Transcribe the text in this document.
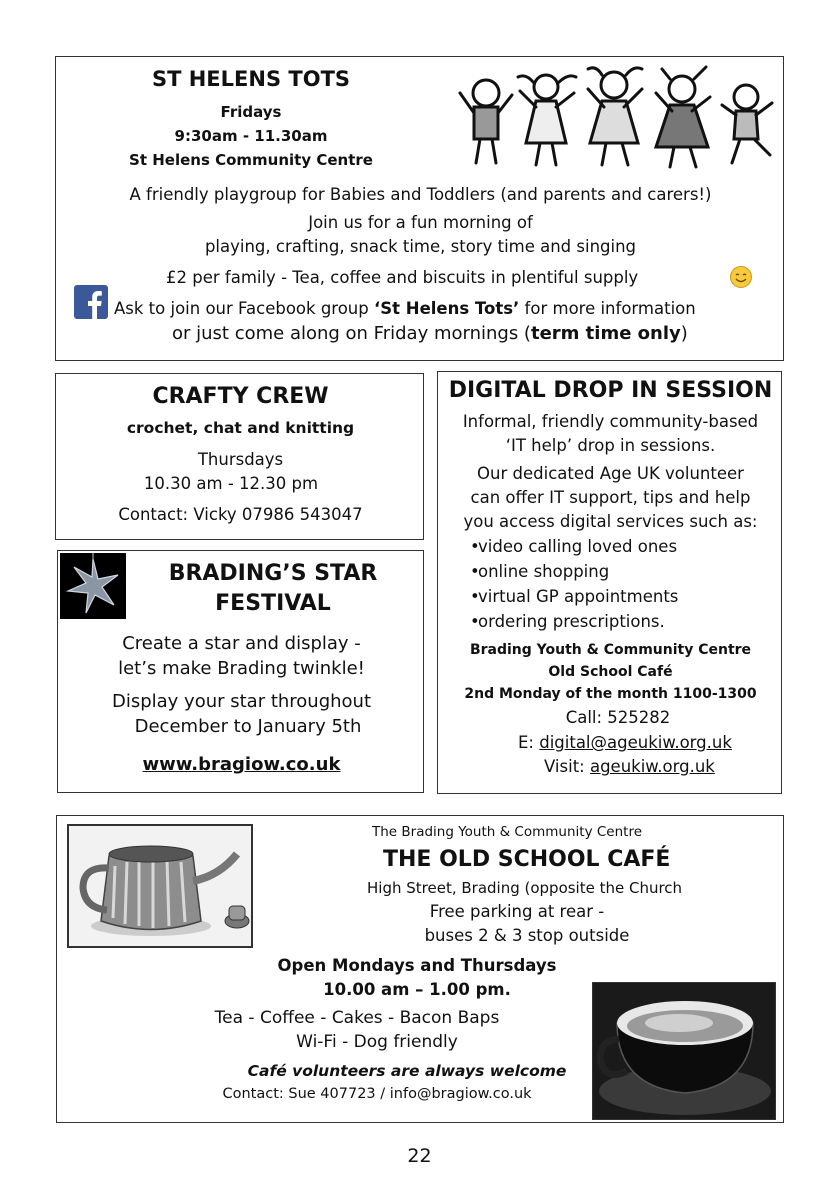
ST HELENS TOTS
Fridays
9:30am - 11.30am
St Helens Community Centre
A friendly playgroup for Babies and Toddlers (and parents and carers!)
Join us for a fun morning of
playing, crafting, snack time, story time and singing
£2 per family - Tea, coffee and biscuits in plentiful supply
Ask to join our Facebook group ‘St Helens Tots’ for more information
or just come along on Friday mornings (term time only)
CRAFTY CREW
crochet, chat and knitting
Thursdays
10.30 am - 12.30 pm
Contact: Vicky 07986 543047
BRADING’S STAR
FESTIVAL
Create a star and display -
let’s make Brading twinkle!
Display your star throughout
December to January 5th
www.bragiow.co.uk
DIGITAL DROP IN SESSION
Informal, friendly community-based
‘IT help’ drop in sessions.
Our dedicated Age UK volunteer
can offer IT support, tips and help
you access digital services such as:
• video calling loved ones
• online shopping
• virtual GP appointments
• ordering prescriptions.
Brading Youth & Community Centre
Old School Café
2nd Monday of the month 1100-1300
Call: 525282
E: digital@ageukiw.org.uk
Visit: ageukiw.org.uk
The Brading Youth & Community Centre
THE OLD SCHOOL CAFÉ
High Street, Brading (opposite the Church
Free parking at rear -
buses 2 & 3 stop outside
Open Mondays and Thursdays
10.00 am – 1.00 pm.
Tea - Coffee - Cakes - Bacon Baps
Wi-Fi - Dog friendly
Café volunteers are always welcome
Contact: Sue 407723 / info@bragiow.co.uk
22
